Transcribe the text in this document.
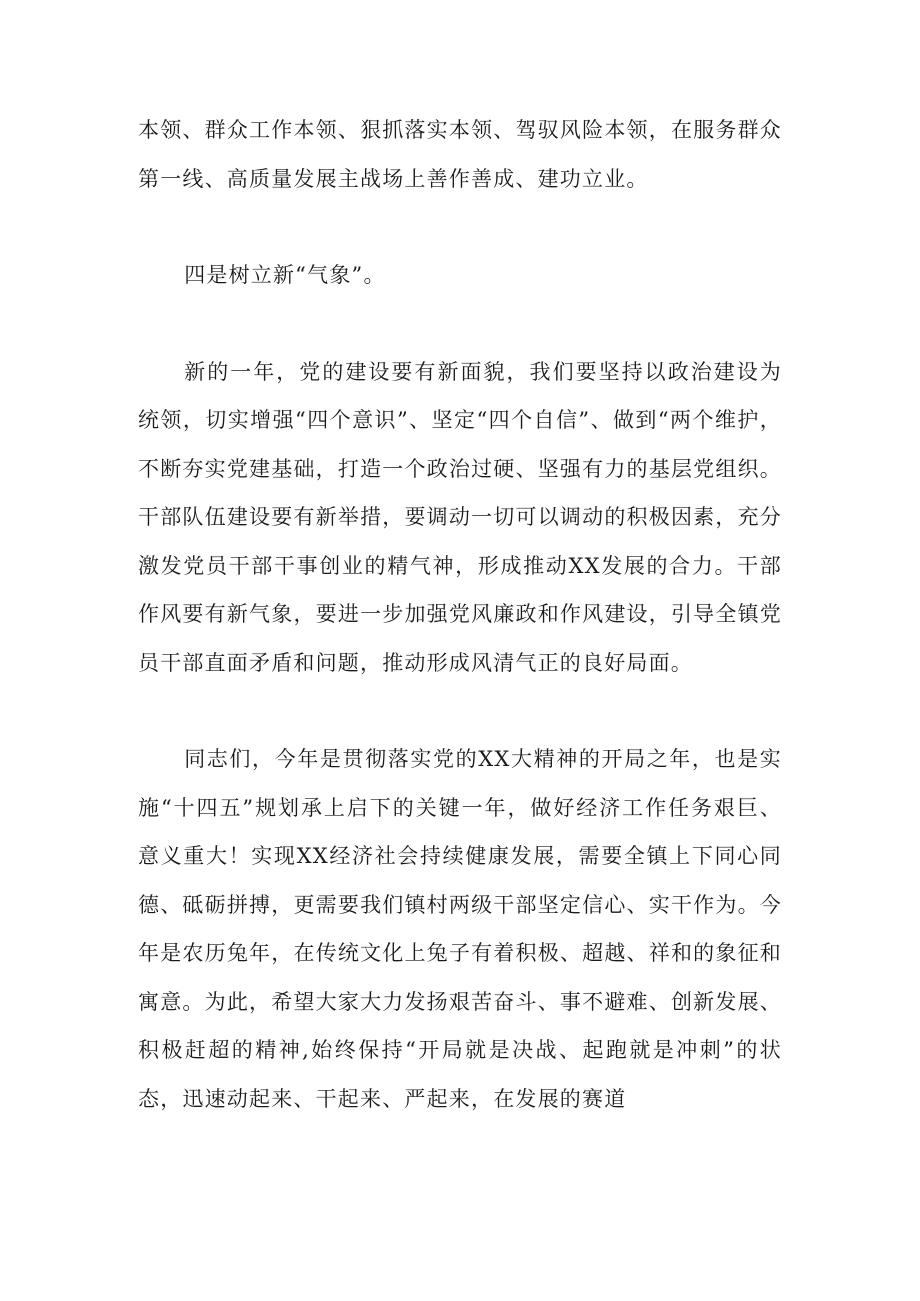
本领、群众工作本领、狠抓落实本领、驾驭风险本领，在服务群众第一线、高质量发展主战场上善作善成、建功立业。

四是树立新“气象”。

新的一年，党的建设要有新面貌，我们要坚持以政治建设为统领，切实增强“四个意识”、坚定“四个自信”、做到“两个维护，不断夯实党建基础，打造一个政治过硬、坚强有力的基层党组织。干部队伍建设要有新举措，要调动一切可以调动的积极因素，充分激发党员干部干事创业的精气神，形成推动XX发展的合力。干部作风要有新气象，要进一步加强党风廉政和作风建设，引导全镇党员干部直面矛盾和问题，推动形成风清气正的良好局面。

同志们，今年是贯彻落实党的XX大精神的开局之年，也是实施“十四五”规划承上启下的关键一年，做好经济工作任务艰巨、意义重大！实现XX经济社会持续健康发展，需要全镇上下同心同德、砥砺拼搏，更需要我们镇村两级干部坚定信心、实干作为。今年是农历兔年，在传统文化上兔子有着积极、超越、祥和的象征和寓意。为此，希望大家大力发扬艰苦奋斗、事不避难、创新发展、积极赶超的精神,始终保持“开局就是决战、起跑就是冲刺”的状态，迅速动起来、干起来、严起来，在发展的赛道
